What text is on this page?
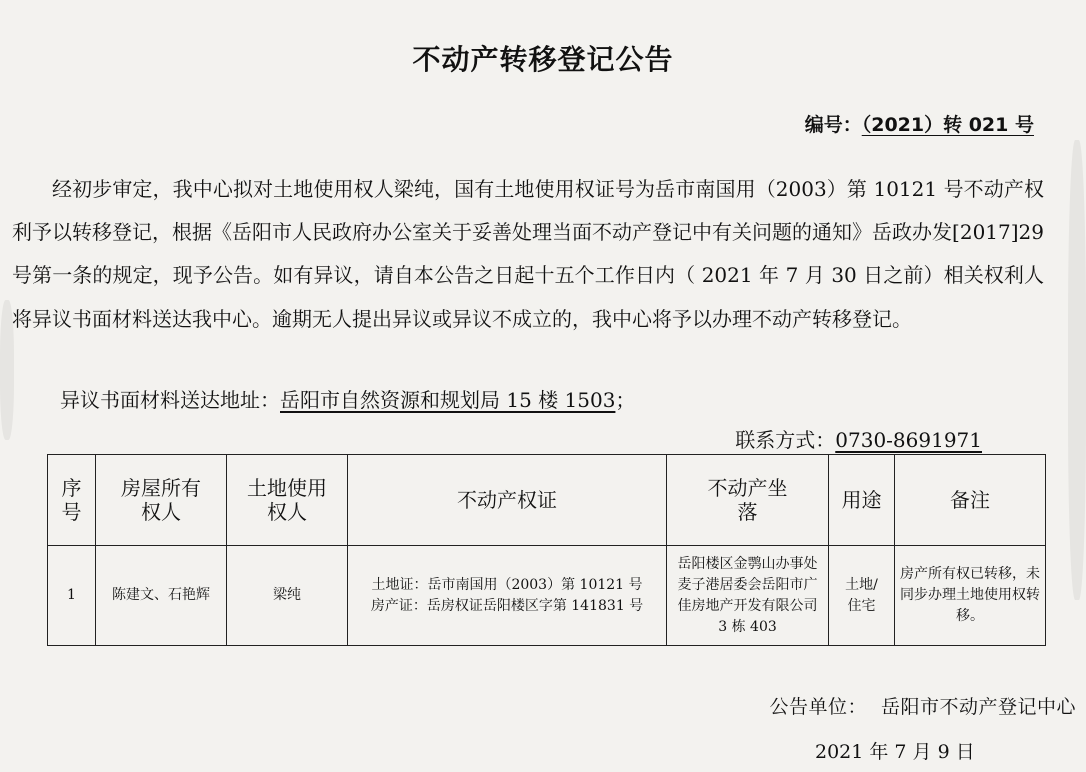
不动产转移登记公告
编号：（2021）转 021 号
经初步审定，我中心拟对土地使用权人梁纯，国有土地使用权证号为岳市南国用（2003）第 10121 号不动产权利予以转移登记，根据《岳阳市人民政府办公室关于妥善处理当面不动产登记中有关问题的通知》岳政办发[2017]29 号第一条的规定，现予公告。如有异议，请自本公告之日起十五个工作日内（ 2021 年 7 月 30 日之前）相关权利人将异议书面材料送达我中心。逾期无人提出异议或异议不成立的，我中心将予以办理不动产转移登记。
异议书面材料送达地址：岳阳市自然资源和规划局 15 楼 1503；
联系方式：0730-8691971
序号	房屋所有权人	土地使用权人	不动产权证	不动产坐落	用途	备注
1	陈建文、石艳辉	梁纯	土地证：岳市南国用（2003）第 10121 号
房产证：岳房权证岳阳楼区字第 141831 号	岳阳楼区金鹗山办事处麦子港居委会岳阳市广佳房地产开发有限公司 3 栋 403	土地/住宅	房产所有权已转移，未同步办理土地使用权转移。
公告单位： 岳阳市不动产登记中心
2021 年 7 月 9 日
